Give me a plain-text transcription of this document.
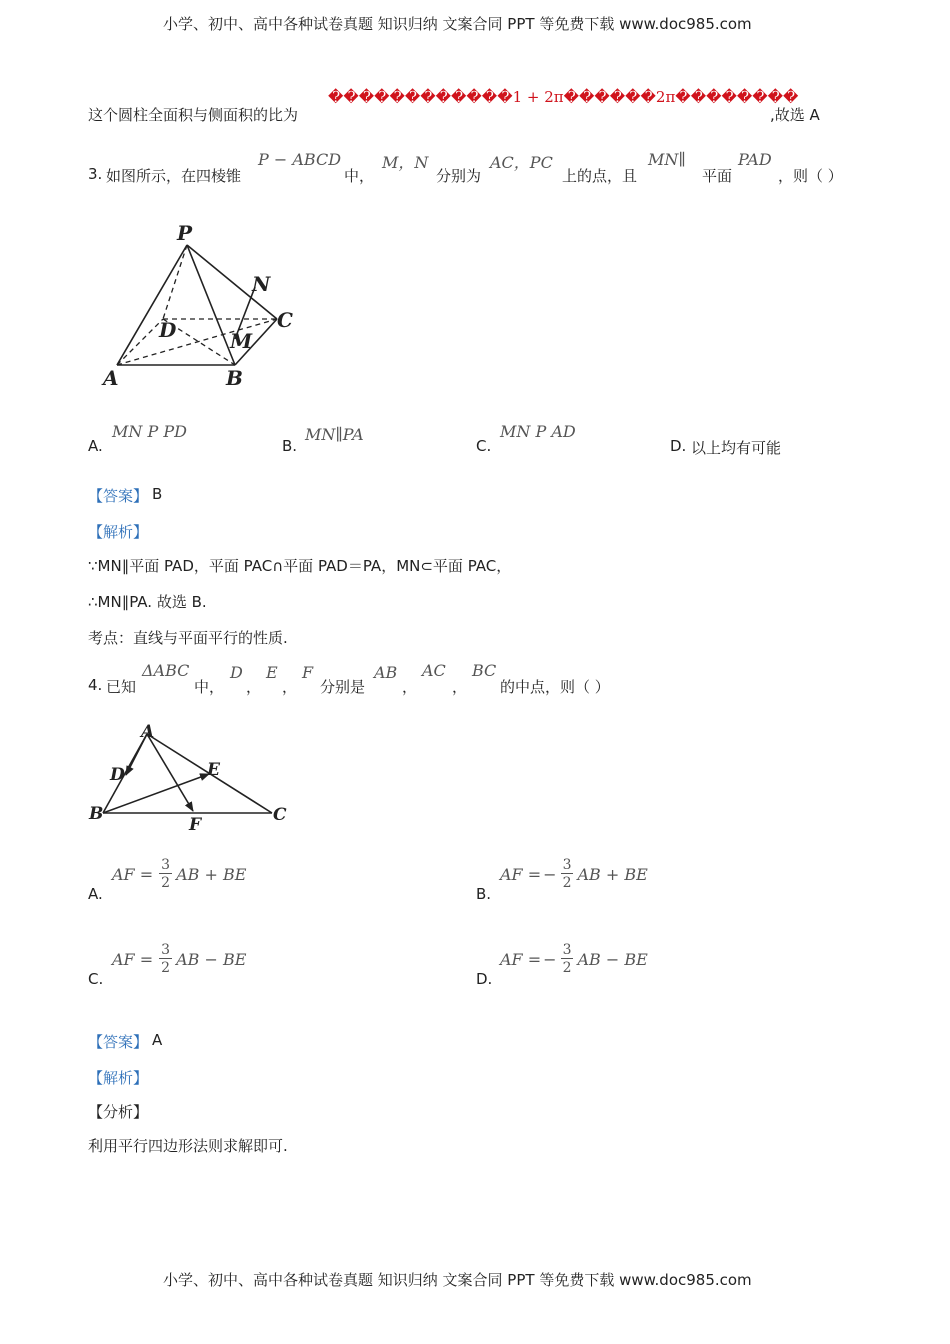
小学、初中、高中各种试卷真题 知识归纳 文案合同 PPT 等免费下载 www.doc985.com
这个圆柱全面积与侧面积的比为
������������1 + 2π������2π��������
,故选 A
3. 如图所示，在四棱锥
P − ABCD
中，
M，N
分别为
AC，PC
上的点，且
MN∥
平面
PAD
，则（ ）
P
N
C
D	M
A	B
A.
MN Ρ PD
B.
MN∥PA
C.
MN Ρ AD
D. 以上均有可能
【答案】 B
【解析】
∵MN∥平面 PAD，平面 PAC∩平面 PAD＝PA，MN⊂平面 PAC，
∴MN∥PA. 故选 B.
考点：直线与平面平行的性质.
4. 已知
ΔABC
中，
D
，
E
，
F
分别是
AB
，
AC
，
BC
的中点，则（ ）
A
D	E
B
F	C
A.
AF = $\frac{3}{2}$ AB + BE
B.
AF = − $\frac{3}{2}$ AB + BE
C.
AF = $\frac{3}{2}$ AB − BE
D.
AF = − $\frac{3}{2}$ AB − BE
【答案】 A
【解析】
【分析】
利用平行四边形法则求解即可.
小学、初中、高中各种试卷真题 知识归纳 文案合同 PPT 等免费下载 www.doc985.com
